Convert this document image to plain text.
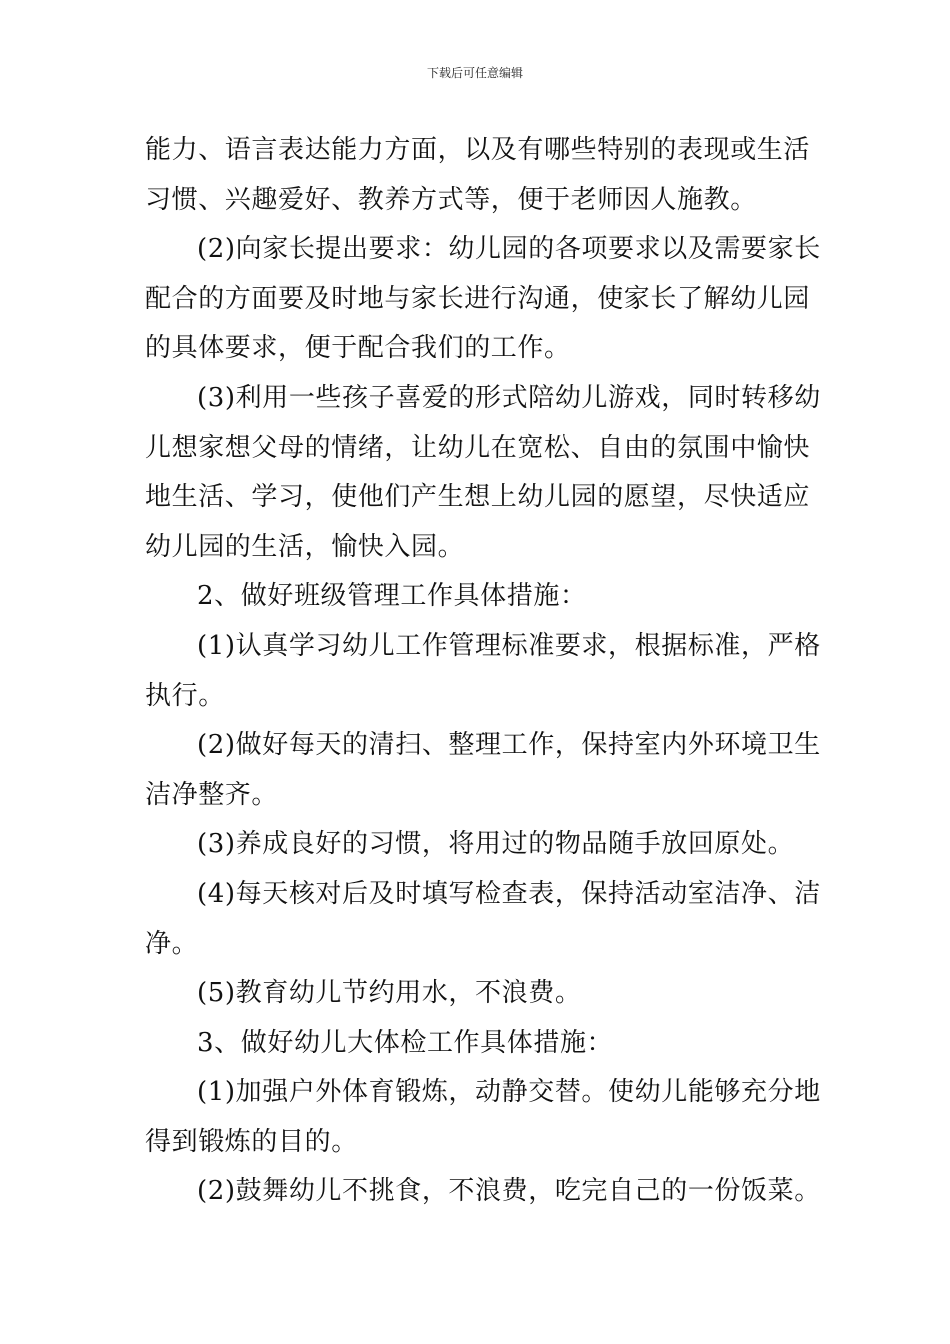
下载后可任意编辑

能力、语言表达能力方面，以及有哪些特别的表现或生活
习惯、兴趣爱好、教养方式等，便于老师因人施教。

(2)向家长提出要求：幼儿园的各项要求以及需要家长
配合的方面要及时地与家长进行沟通，使家长了解幼儿园
的具体要求，便于配合我们的工作。

(3)利用一些孩子喜爱的形式陪幼儿游戏，同时转移幼
儿想家想父母的情绪，让幼儿在宽松、自由的氛围中愉快
地生活、学习，使他们产生想上幼儿园的愿望，尽快适应
幼儿园的生活，愉快入园。

2、做好班级管理工作具体措施：

(1)认真学习幼儿工作管理标准要求，根据标准，严格
执行。

(2)做好每天的清扫、整理工作，保持室内外环境卫生
洁净整齐。

(3)养成良好的习惯，将用过的物品随手放回原处。

(4)每天核对后及时填写检查表，保持活动室洁净、洁
净。

(5)教育幼儿节约用水，不浪费。

3、做好幼儿大体检工作具体措施：

(1)加强户外体育锻炼，动静交替。使幼儿能够充分地
得到锻炼的目的。

(2)鼓舞幼儿不挑食，不浪费，吃完自己的一份饭菜。
